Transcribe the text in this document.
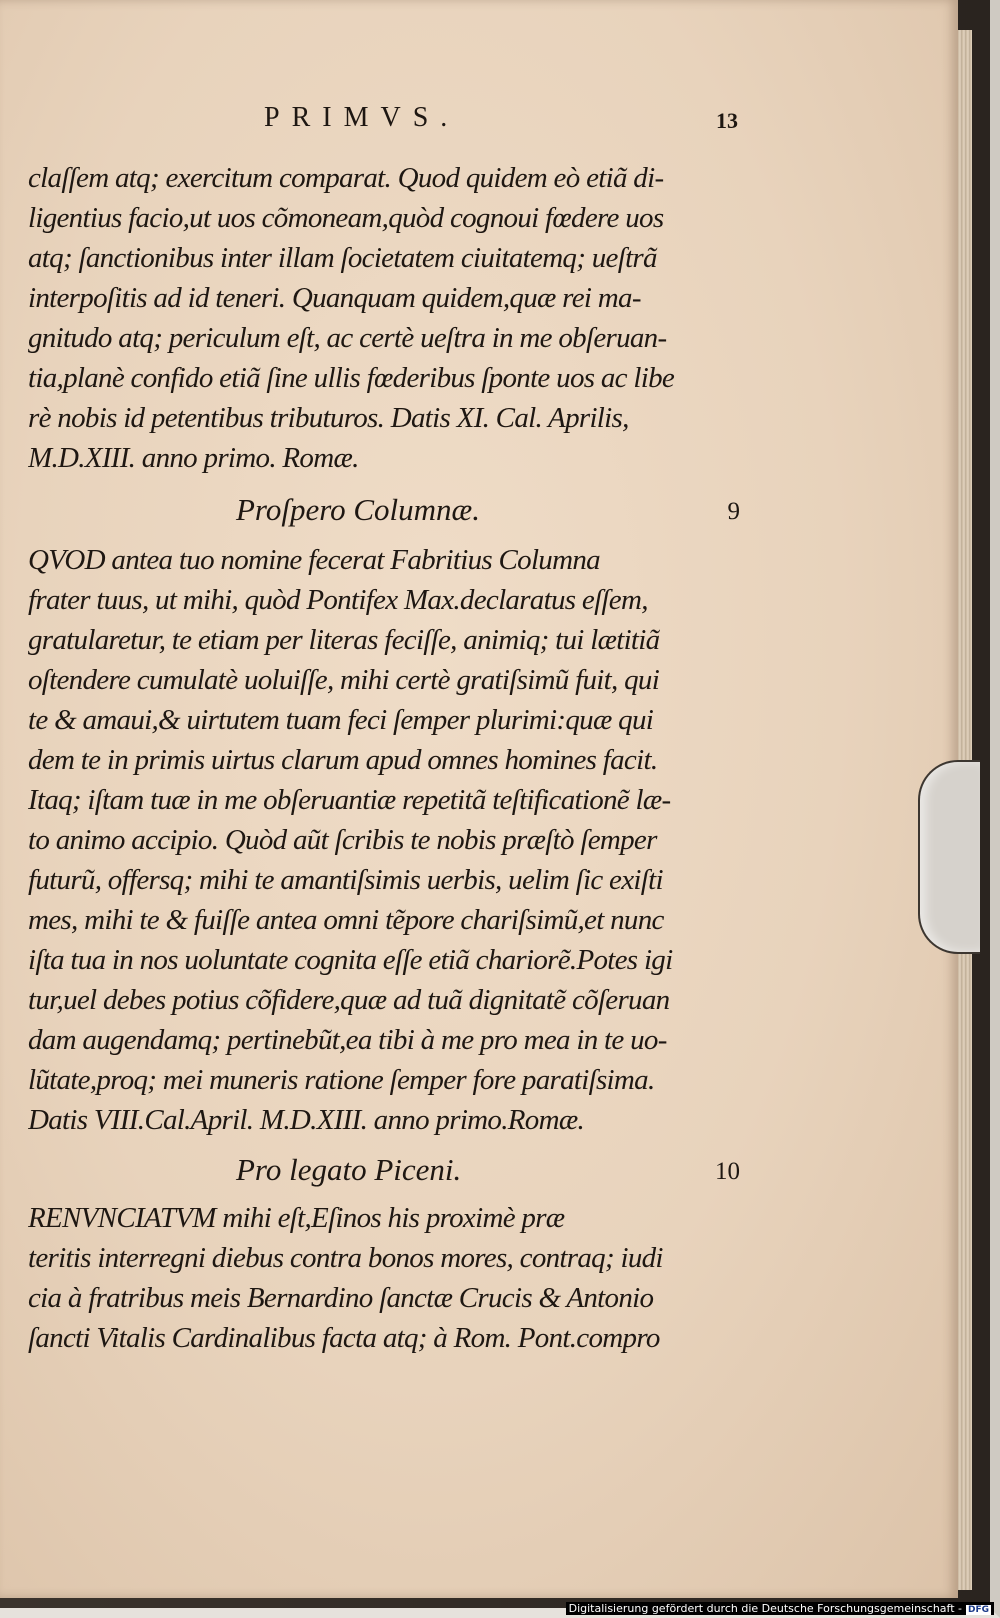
PRIMVS.	13
claſſem atq; exercitum comparat. Quod quidem eò etiã di-
ligentius facio,ut uos cõmoneam,quòd cognoui fœdere uos
atq; ſanctionibus inter illam ſocietatem ciuitatemq; ueſtrã
interpoſitis ad id teneri. Quanquam quidem,quæ rei ma-
gnitudo atq; periculum eſt, ac certè ueſtra in me obſeruan-
tia,planè confido etiã ſine ullis fœderibus ſponte uos ac libe
rè nobis id petentibus tributuros. Datis XI. Cal. Aprilis,
M.D.XIII. anno primo. Romæ.
Proſpero Columnæ.	9
QVOD antea tuo nomine fecerat Fabritius Columna
frater tuus, ut mihi, quòd Pontifex Max.declaratus eſſem,
gratularetur, te etiam per literas feciſſe, animiq; tui lætitiã
oſtendere cumulatè uoluiſſe, mihi certè gratiſsimũ fuit, qui
te & amaui,& uirtutem tuam feci ſemper plurimi:quæ qui
dem te in primis uirtus clarum apud omnes homines facit.
Itaq; iſtam tuæ in me obſeruantiæ repetitã teſtificationẽ læ-
to animo accipio. Quòd aũt ſcribis te nobis præſtò ſemper
futurũ, offersq; mihi te amantiſsimis uerbis, uelim ſic exiſti
mes, mihi te & fuiſſe antea omni tẽpore chariſsimũ,et nunc
iſta tua in nos uoluntate cognita eſſe etiã chariorẽ.Potes igi
tur,uel debes potius cõfidere,quæ ad tuã dignitatẽ cõſeruan
dam augendamq; pertinebũt,ea tibi à me pro mea in te uo-
lũtate,proq; mei muneris ratione ſemper fore paratiſsima.
Datis VIII.Cal.April. M.D.XIII. anno primo.Romæ.
Pro legato Piceni.	10
RENVNCIATVM mihi eſt,Eſinos his proximè præ
teritis interregni diebus contra bonos mores, contraq; iudi
cia à fratribus meis Bernardino ſanctæ Crucis & Antonio
ſancti Vitalis Cardinalibus facta atq; à Rom. Pont.compro
Digitalisierung gefördert durch die Deutsche Forschungsgemeinschaft - DFG
